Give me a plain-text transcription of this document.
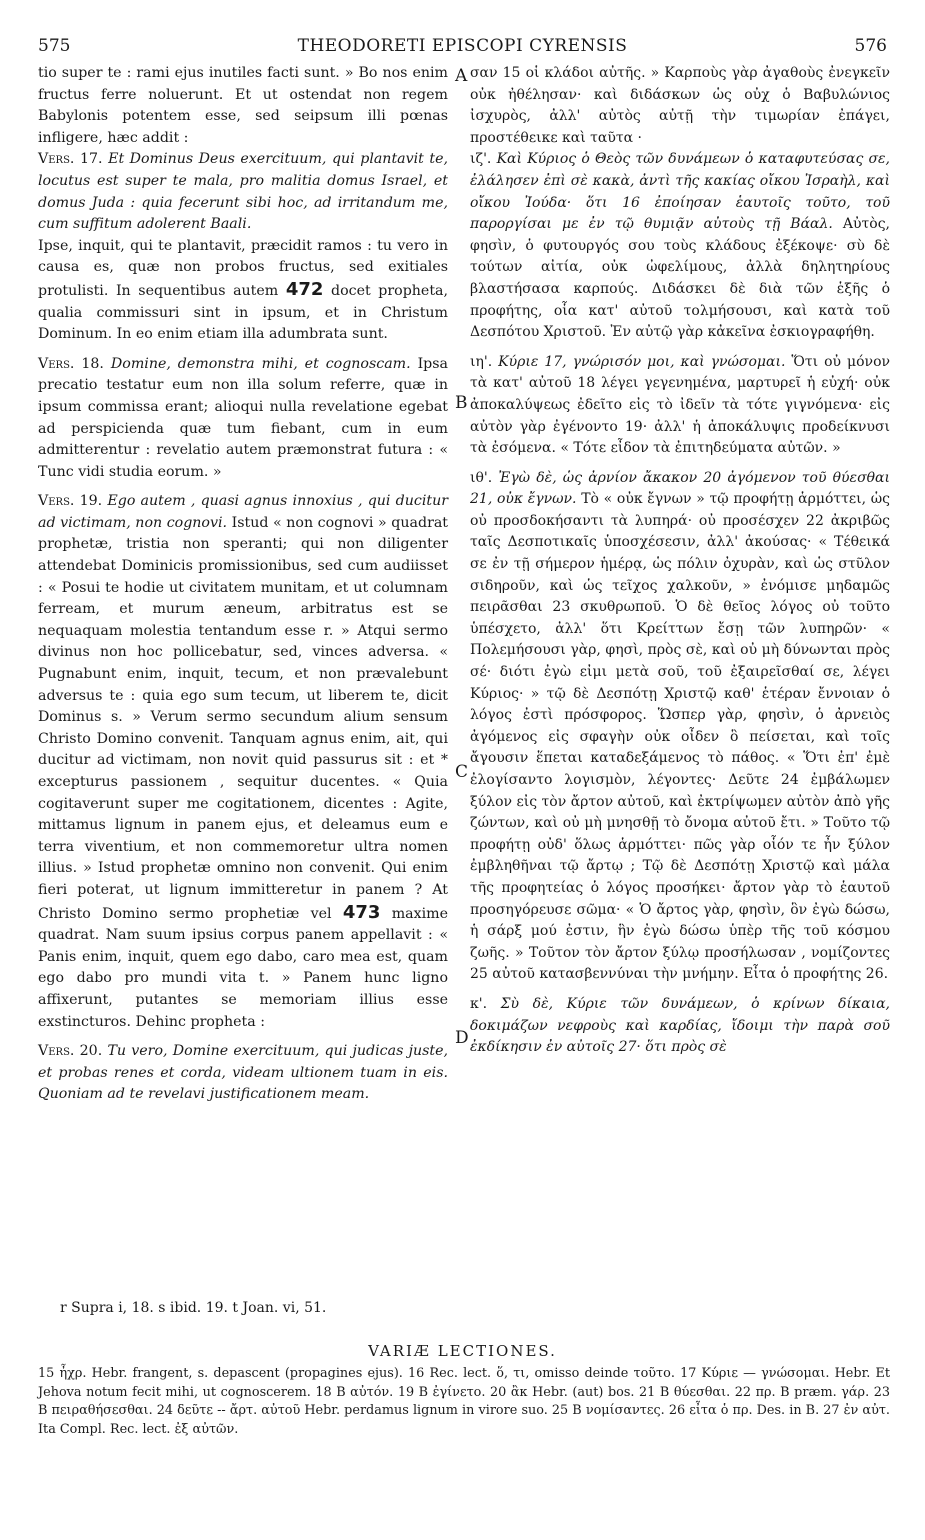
575	THEODORETI EPISCOPI CYRENSIS	576

tio super te : rami ejus inutiles facti sunt. » Bo nos enim fructus ferre noluerunt. Et ut ostendat non regem Babylonis potentem esse, sed seipsum illi pœnas infligere, hæc addit :

Vers. 17. Et Dominus Deus exercituum, qui plantavit te, locutus est super te mala, pro malitia domus Israel, et domus Juda : quia fecerunt sibi hoc, ad irritandum me, cum suffitum adolerent Baali.

Ipse, inquit, qui te plantavit, præcidit ramos : tu vero in causa es, quæ non probos fructus, sed exitiales protulisti. In sequentibus autem 472 docet propheta, qualia commissuri sint in ipsum, et in Christum Dominum. In eo enim etiam illa adumbrata sunt.

Vers. 18. Domine, demonstra mihi, et cognoscam. Ipsa precatio testatur eum non illa solum referre, quæ in ipsum commissa erant; alioqui nulla revelatione egebat ad perspicienda quæ tum fiebant, cum in eum admitterentur : revelatio autem præmonstrat futura : « Tunc vidi studia eorum. »

Vers. 19. Ego autem , quasi agnus innoxius , qui ducitur ad victimam, non cognovi. Istud « non cognovi » quadrat prophetæ, tristia non speranti; qui non diligenter attendebat Dominicis promissionibus, sed cum audiisset : « Posui te hodie ut civitatem munitam, et ut columnam ferream, et murum æneum, arbitratus est se nequaquam molestia tentandum esse r. » Atqui sermo divinus non hoc pollicebatur, sed, vinces adversa. « Pugnabunt enim, inquit, tecum, et non prævalebunt adversus te : quia ego sum tecum, ut liberem te, dicit Dominus s. » Verum sermo secundum alium sensum Christo Domino convenit. Tanquam agnus enim, ait, qui ducitur ad victimam, non novit quid passurus sit : et * excepturus passionem , sequitur ducentes. « Quia cogitaverunt super me cogitationem, dicentes : Agite, mittamus lignum in panem ejus, et deleamus eum e terra viventium, et non commemoretur ultra nomen illius. » Istud prophetæ omnino non convenit. Qui enim fieri poterat, ut lignum immitteretur in panem ? At Christo Domino sermo prophetiæ vel 473 maxime quadrat. Nam suum ipsius corpus panem appellavit : « Panis enim, inquit, quem ego dabo, caro mea est, quam ego dabo pro mundi vita t. » Panem hunc ligno affixerunt, putantes se memoriam illius esse exstincturos. Dehinc propheta :

Vers. 20. Tu vero, Domine exercituum, qui judicas juste, et probas renes et corda, videam ultionem tuam in eis. Quoniam ad te revelavi justificationem meam.

A
B
C
D

σαν 15 οἱ κλάδοι αὐτῆς. » Καρποὺς γὰρ ἀγαθοὺς ἐνεγκεῖν οὐκ ἠθέλησαν· καὶ διδάσκων ὡς οὐχ ὁ Βαβυλώνιος ἰσχυρὸς, ἀλλ' αὐτὸς αὐτῇ τὴν τιμωρίαν ἐπάγει, προστέθεικε καὶ ταῦτα ·

ιζ'. Καὶ Κύριος ὁ Θεὸς τῶν δυνάμεων ὁ καταφυτεύσας σε, ἐλάλησεν ἐπὶ σὲ κακὰ, ἀντὶ τῆς κακίας οἴκου Ἰσραὴλ, καὶ οἴκου Ἰούδα· ὅτι 16 ἐποίησαν ἑαυτοῖς τοῦτο, τοῦ παροργίσαι με ἐν τῷ θυμιᾷν αὐτοὺς τῇ Βάαλ. Αὐτὸς, φησὶν, ὁ φυτουργός σου τοὺς κλάδους ἐξέκοψε· σὺ δὲ τούτων αἰτία, οὐκ ὠφελίμους, ἀλλὰ δηλητηρίους βλαστήσασα καρπούς. Διδάσκει δὲ διὰ τῶν ἑξῆς ὁ προφήτης, οἷα κατ' αὐτοῦ τολμήσουσι, καὶ κατὰ τοῦ Δεσπότου Χριστοῦ. Ἐν αὐτῷ γὰρ κἀκεῖνα ἐσκιογραφήθη.

ιη'. Κύριε 17, γνώρισόν μοι, καὶ γνώσομαι. Ὅτι οὐ μόνον τὰ κατ' αὐτοῦ 18 λέγει γεγενημένα, μαρτυρεῖ ἡ εὐχή· οὐκ ἀποκαλύψεως ἐδεῖτο εἰς τὸ ἰδεῖν τὰ τότε γιγνόμενα· εἰς αὐτὸν γὰρ ἐγένοντο 19· ἀλλ' ἡ ἀποκάλυψις προδείκνυσι τὰ ἐσόμενα. « Τότε εἶδον τὰ ἐπιτηδεύματα αὐτῶν. »

ιθ'. Ἐγὼ δὲ, ὡς ἀρνίον ἄκακον 20 ἀγόμενον τοῦ θύεσθαι 21, οὐκ ἔγνων. Τὸ « οὐκ ἔγνων » τῷ προφήτῃ ἁρμόττει, ὡς οὐ προσδοκήσαντι τὰ λυπηρά· οὐ προσέσχεν 22 ἀκριβῶς ταῖς Δεσποτικαῖς ὑποσχέσεσιν, ἀλλ' ἀκούσας· « Τέθεικά σε ἐν τῇ σήμερον ἡμέρᾳ, ὡς πόλιν ὀχυρὰν, καὶ ὡς στῦλον σιδηροῦν, καὶ ὡς τεῖχος χαλκοῦν, » ἐνόμισε μηδαμῶς πειρᾶσθαι 23 σκυθρωποῦ. Ὁ δὲ θεῖος λόγος οὐ τοῦτο ὑπέσχετο, ἀλλ' ὅτι Κρείττων ἔσῃ τῶν λυπηρῶν· « Πολεμήσουσι γὰρ, φησὶ, πρὸς σὲ, καὶ οὐ μὴ δύνωνται πρὸς σέ· διότι ἐγὼ εἰμι μετὰ σοῦ, τοῦ ἐξαιρεῖσθαί σε, λέγει Κύριος· » τῷ δὲ Δεσπότῃ Χριστῷ καθ' ἑτέραν ἔννοιαν ὁ λόγος ἐστὶ πρόσφορος. Ὥσπερ γὰρ, φησὶν, ὁ ἀρνειὸς ἀγόμενος εἰς σφαγὴν οὐκ οἶδεν ὃ πείσεται, καὶ τοῖς ἄγουσιν ἕπεται καταδεξάμενος τὸ πάθος. « Ὅτι ἐπ' ἐμὲ ἐλογίσαντο λογισμὸν, λέγοντες· Δεῦτε 24 ἐμβάλωμεν ξύλον εἰς τὸν ἄρτον αὐτοῦ, καὶ ἐκτρίψωμεν αὐτὸν ἀπὸ γῆς ζώντων, καὶ οὐ μὴ μνησθῇ τὸ ὄνομα αὐτοῦ ἔτι. » Τοῦτο τῷ προφήτῃ οὐδ' ὅλως ἁρμόττει· πῶς γὰρ οἷόν τε ἦν ξύλον ἐμβληθῆναι τῷ ἄρτῳ ; Τῷ δὲ Δεσπότῃ Χριστῷ καὶ μάλα τῆς προφητείας ὁ λόγος προσήκει· ἄρτον γὰρ τὸ ἑαυτοῦ προσηγόρευσε σῶμα· « Ὁ ἄρτος γὰρ, φησὶν, ὃν ἐγὼ δώσω, ἡ σάρξ μού ἐστιν, ἣν ἐγὼ δώσω ὑπὲρ τῆς τοῦ κόσμου ζωῆς. » Τοῦτον τὸν ἄρτον ξύλῳ προσήλωσαν , νομίζοντες 25 αὐτοῦ κατασβεννύναι τὴν μνήμην. Εἶτα ὁ προφήτης 26.

κ'. Σὺ δὲ, Κύριε τῶν δυνάμεων, ὁ κρίνων δίκαια, δοκιμάζων νεφροὺς καὶ καρδίας, ἴδοιμι τὴν παρὰ σοῦ ἐκδίκησιν ἐν αὐτοῖς 27· ὅτι πρὸς σὲ

r Supra i, 18. s ibid. 19. t Joan. vi, 51.
VARIÆ LECTIONES.

15 ἦχρ. Hebr. frangent, s. depascent (propagines ejus). 16 Rec. lect. ὅ, τι, omisso deinde τοῦτο. 17 Κύριε — γνώσομαι. Hebr. Et Jehova notum fecit mihi, ut cognoscerem. 18 B αὐτόν. 19 B ἐγίνετο. 20 ἂκ Hebr. (aut) bos. 21 B θύεσθαι. 22 πρ. B præm. γάρ. 23 B πειραθήσεσθαι. 24 δεῦτε -- ἄρτ. αὐτοῦ Hebr. perdamus lignum in virore suo. 25 B νομίσαντες. 26 εἶτα ὁ πρ. Des. in B. 27 ἐν αὐτ. Ita Compl. Rec. lect. ἐξ αὐτῶν.
